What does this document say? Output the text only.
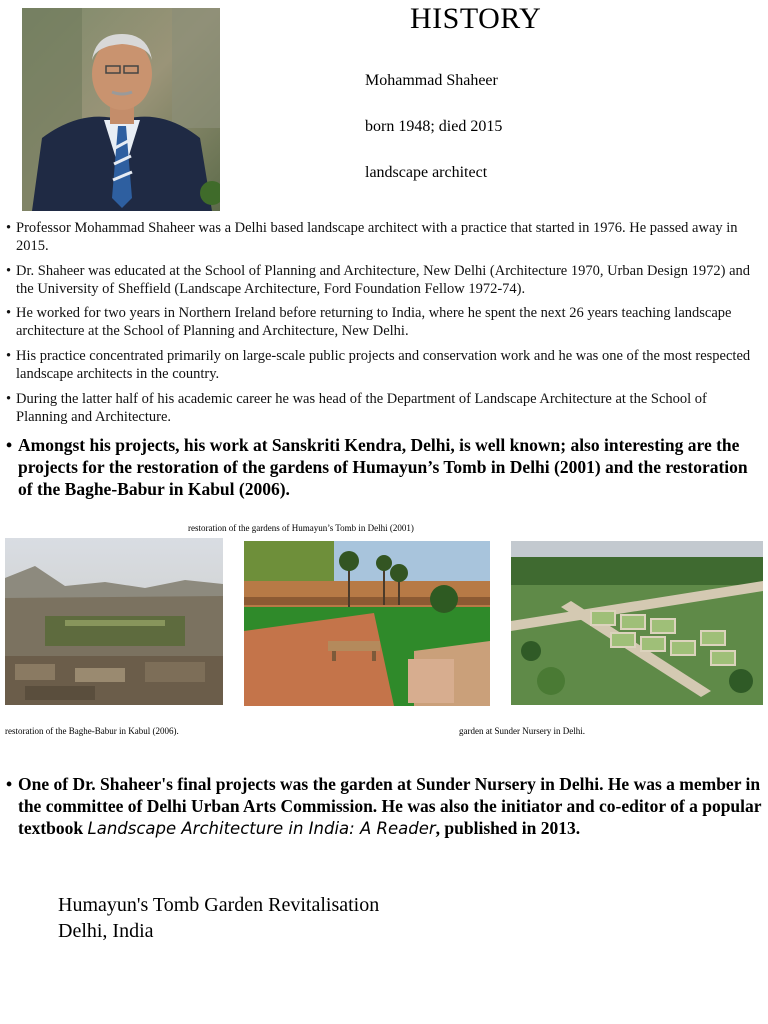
HISTORY
Mohammad Shaheer
born 1948; died 2015
landscape architect
• Professor Mohammad Shaheer was a Delhi based landscape architect with a practice that started in 1976. He passed away in 2015.
• Dr. Shaheer was educated at the School of Planning and Architecture, New Delhi (Architecture 1970, Urban Design 1972) and the University of Sheffield (Landscape Architecture, Ford Foundation Fellow 1972-74).
• He worked for two years in Northern Ireland before returning to India, where he spent the next 26 years teaching landscape architecture at the School of Planning and Architecture, New Delhi.
• His practice concentrated primarily on large-scale public projects and conservation work and he was one of the most respected landscape architects in the country.
• During the latter half of his academic career he was head of the Department of Landscape Architecture at the School of Planning and Architecture.
• Amongst his projects, his work at Sanskriti Kendra, Delhi, is well known; also interesting are the projects for the restoration of the gardens of Humayun’s Tomb in Delhi (2001) and the restoration of the Baghe-Babur in Kabul (2006).
restoration of the gardens of Humayun’s Tomb in Delhi (2001)
restoration of the Baghe-Babur in Kabul (2006).	garden at Sunder Nursery in Delhi.
• One of Dr. Shaheer's final projects was the garden at Sunder Nursery in Delhi. He was a member in the committee of Delhi Urban Arts Commission. He was also the initiator and co-editor of a popular textbook Landscape Architecture in India: A Reader, published in 2013.
Humayun's Tomb Garden Revitalisation
Delhi, India
